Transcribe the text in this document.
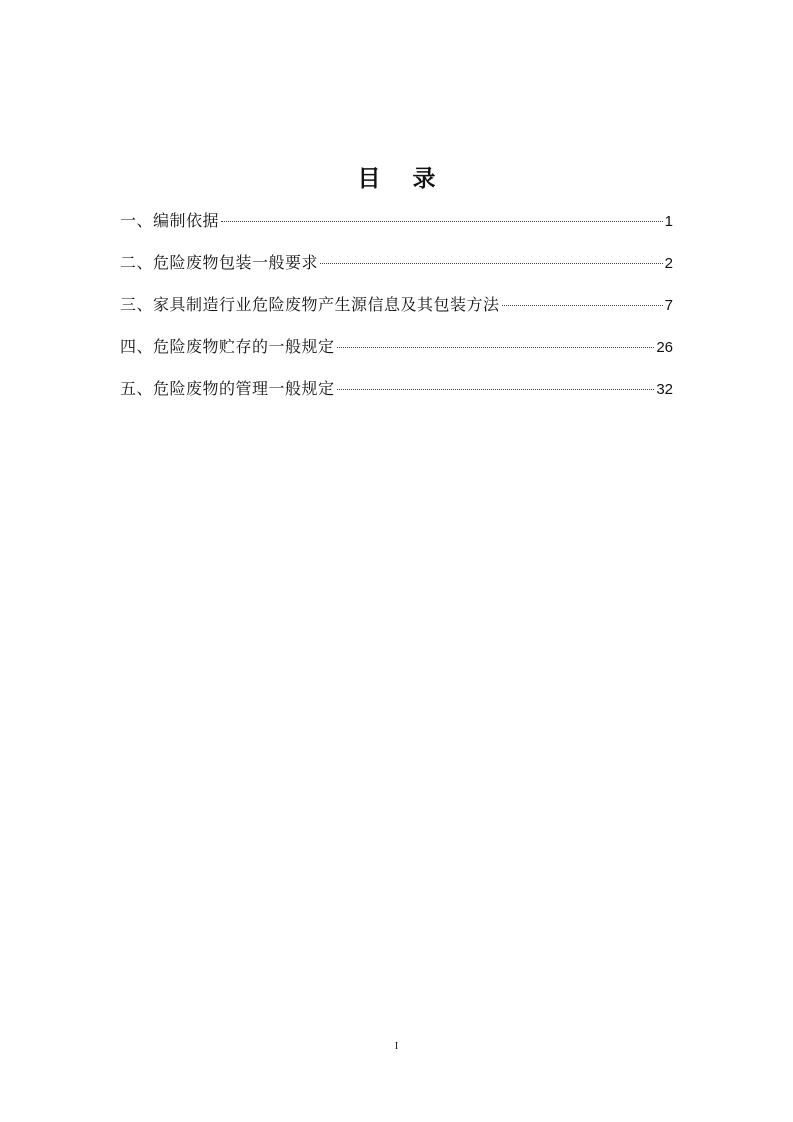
目 录
一、编制依据	1
二、危险废物包装一般要求	2
三、家具制造行业危险废物产生源信息及其包装方法	7
四、危险废物贮存的一般规定	26
五、危险废物的管理一般规定	32
I
